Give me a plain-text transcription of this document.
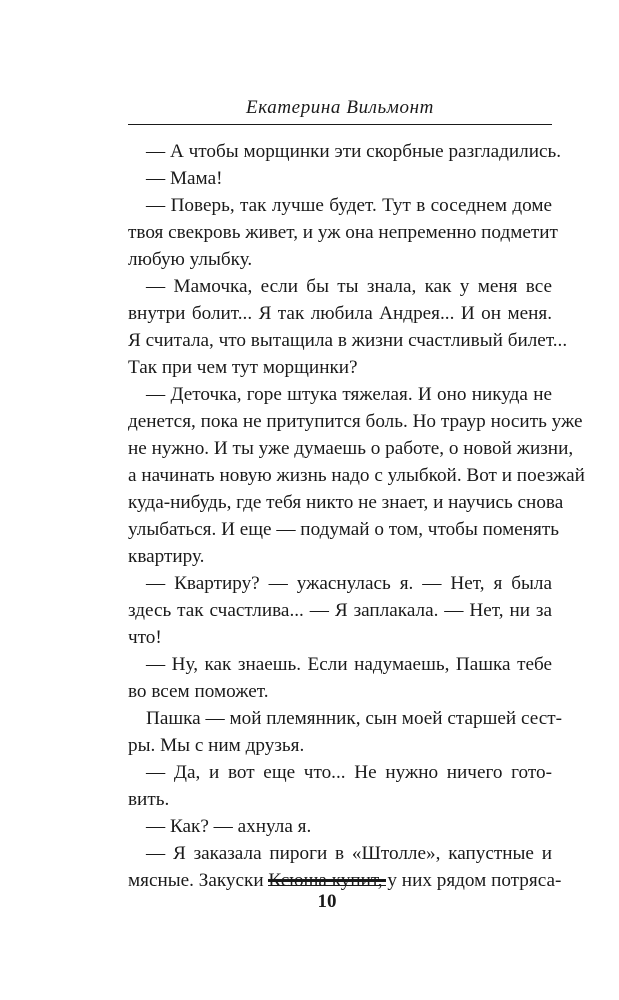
Екатерина Вильмонт
— А чтобы морщинки эти скорбные разгладились.
— Мама!
— Поверь, так лучше будет. Тут в соседнем доме
твоя свекровь живет, и уж она непременно подметит
любую улыбку.
— Мамочка, если бы ты знала, как у меня все
внутри болит... Я так любила Андрея... И он меня.
Я считала, что вытащила в жизни счастливый билет...
Так при чем тут морщинки?
— Деточка, горе штука тяжелая. И оно никуда не
денется, пока не притупится боль. Но траур носить уже
не нужно. И ты уже думаешь о работе, о новой жизни,
а начинать новую жизнь надо с улыбкой. Вот и поезжай
куда-нибудь, где тебя никто не знает, и научись снова
улыбаться. И еще — подумай о том, чтобы поменять
квартиру.
— Квартиру? — ужаснулась я. — Нет, я была
здесь так счастлива... — Я заплакала. — Нет, ни за
что!
— Ну, как знаешь. Если надумаешь, Пашка тебе
во всем поможет.
Пашка — мой племянник, сын моей старшей сест-
ры. Мы с ним друзья.
— Да, и вот еще что... Не нужно ничего гото-
вить.
— Как? — ахнула я.
— Я заказала пироги в «Штолле», капустные и
мясные. Закуски Ксюша купит, у них рядом потряса-
10
